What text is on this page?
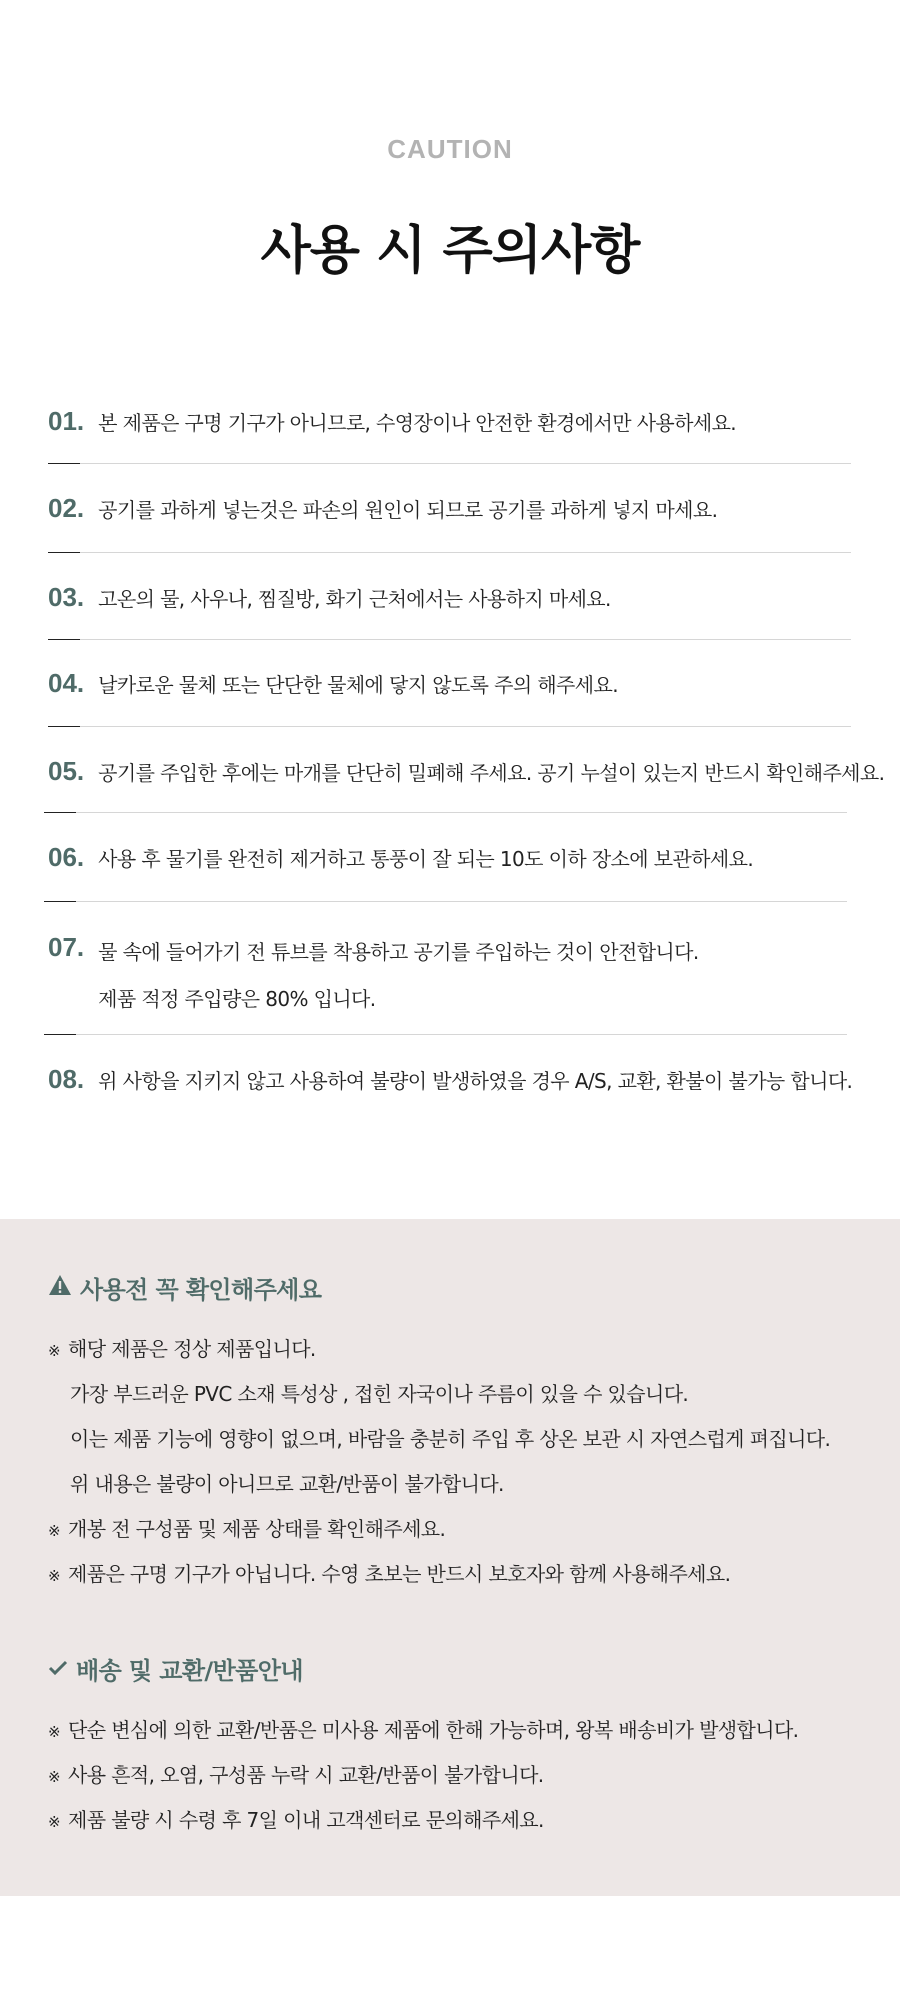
CAUTION
사용 시 주의사항
01. 본 제품은 구명 기구가 아니므로, 수영장이나 안전한 환경에서만 사용하세요.
02. 공기를 과하게 넣는것은 파손의 원인이 되므로 공기를 과하게 넣지 마세요.
03. 고온의 물, 사우나, 찜질방, 화기 근처에서는 사용하지 마세요.
04. 날카로운 물체 또는 단단한 물체에 닿지 않도록 주의 해주세요.
05. 공기를 주입한 후에는 마개를 단단히 밀폐해 주세요. 공기 누설이 있는지 반드시 확인해주세요.
06. 사용 후 물기를 완전히 제거하고 통풍이 잘 되는 10도 이하 장소에 보관하세요.
07. 물 속에 들어가기 전 튜브를 착용하고 공기를 주입하는 것이 안전합니다.
제품 적정 주입량은 80% 입니다.
08. 위 사항을 지키지 않고 사용하여 불량이 발생하였을 경우 A/S, 교환, 환불이 불가능 합니다.
사용전 꼭 확인해주세요
※ 해당 제품은 정상 제품입니다.
가장 부드러운 PVC 소재 특성상 , 접힌 자국이나 주름이 있을 수 있습니다.
이는 제품 기능에 영향이 없으며, 바람을 충분히 주입 후 상온 보관 시 자연스럽게 펴집니다.
위 내용은 불량이 아니므로 교환/반품이 불가합니다.
※ 개봉 전 구성품 및 제품 상태를 확인해주세요.
※ 제품은 구명 기구가 아닙니다. 수영 초보는 반드시 보호자와 함께 사용해주세요.
배송 및 교환/반품안내
※ 단순 변심에 의한 교환/반품은 미사용 제품에 한해 가능하며, 왕복 배송비가 발생합니다.
※ 사용 흔적, 오염, 구성품 누락 시 교환/반품이 불가합니다.
※ 제품 불량 시 수령 후 7일 이내 고객센터로 문의해주세요.
